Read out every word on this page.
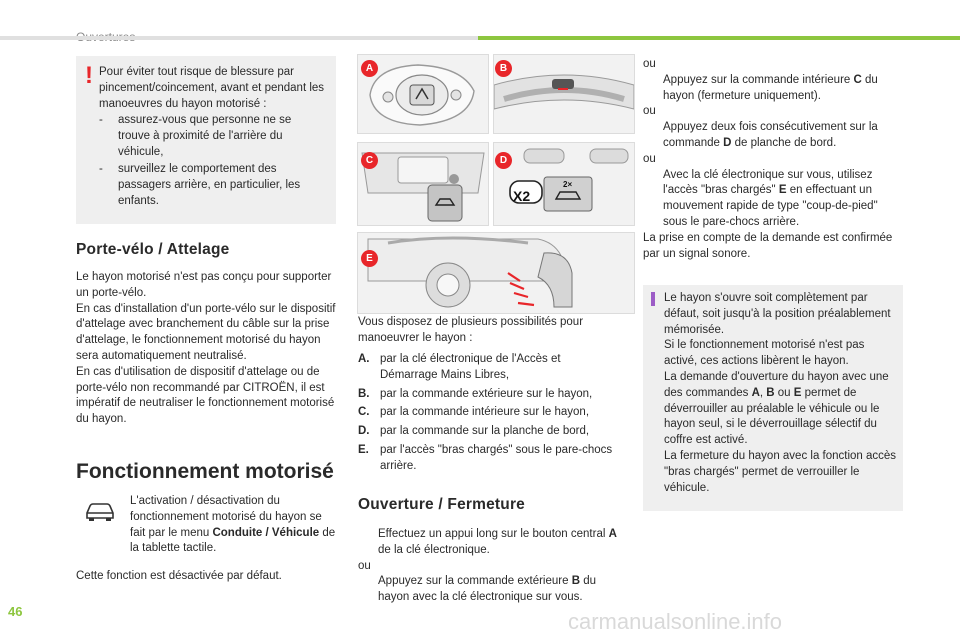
! Pour éviter tout risque de blessure par pincement/coincement, avant et pendant les manoeuvres du hayon motorisé :
- assurez-vous que personne ne se trouve à proximité de l'arrière du véhicule,
- surveillez le comportement des passagers arrière, en particulier, les enfants.
Porte-vélo / Attelage
Le hayon motorisé n'est pas conçu pour supporter un porte-vélo.
En cas d'installation d'un porte-vélo sur le dispositif d'attelage avec branchement du câble sur la prise d'attelage, le fonctionnement motorisé du hayon sera automatiquement neutralisé.
En cas d'utilisation de dispositif d'attelage ou de porte-vélo non recommandé par CITROËN, il est impératif de neutraliser le fonctionnement motorisé du hayon.
Fonctionnement motorisé
L'activation / désactivation du fonctionnement motorisé du hayon se fait par le menu Conduite / Véhicule de la tablette tactile.
Cette fonction est désactivée par défaut.
X2
2×
A	B
C	D
E
Vous disposez de plusieurs possibilités pour manoeuvrer le hayon :
A. par la clé électronique de l'Accès et Démarrage Mains Libres,
B. par la commande extérieure sur le hayon,
C. par la commande intérieure sur le hayon,
D. par la commande sur la planche de bord,
E. par l'accès "bras chargés" sous le pare-chocs arrière.
Ouverture / Fermeture
Effectuez un appui long sur le bouton central A de la clé électronique.
ou
Appuyez sur la commande extérieure B du hayon avec la clé électronique sur vous.
ou
Appuyez sur la commande intérieure C du hayon (fermeture uniquement).
ou
Appuyez deux fois consécutivement sur la commande D de planche de bord.
ou
Avec la clé électronique sur vous, utilisez l'accès "bras chargés" E en effectuant un mouvement rapide de type "coup-de-pied" sous le pare-chocs arrière.
La prise en compte de la demande est confirmée par un signal sonore.
Le hayon s'ouvre soit complètement par défaut, soit jusqu'à la position préalablement mémorisée.
Si le fonctionnement motorisé n'est pas activé, ces actions libèrent le hayon.
La demande d'ouverture du hayon avec une des commandes A, B ou E permet de déverrouiller au préalable le véhicule ou le hayon seul, si le déverrouillage sélectif du coffre est activé.
La fermeture du hayon avec la fonction accès "bras chargés" permet de verrouiller le véhicule.
46	carmanualsonline.info
